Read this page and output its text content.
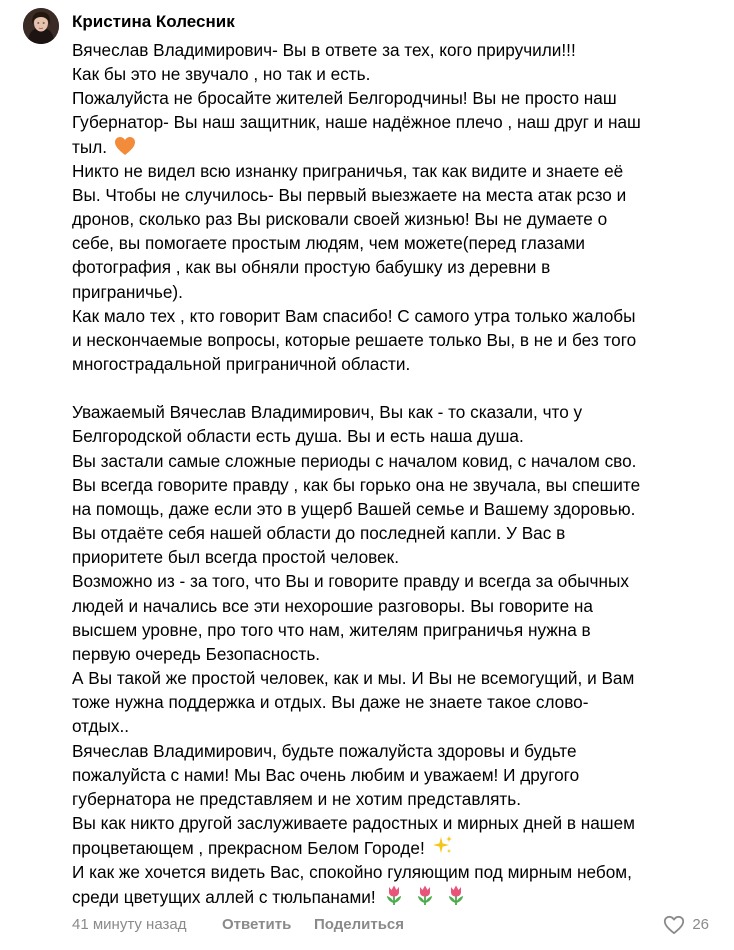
Кристина Колесник

Вячеслав Владимирович- Вы в ответе за тех, кого приручили!!!

Как бы это не звучало , но так и есть.

Пожалуйста не бросайте жителей Белгородчины! Вы не просто наш

Губернатор- Вы наш защитник, наше надёжное плечо , наш друг и наш

тыл.

Никто не видел всю изнанку приграничья, так как видите и знаете её

Вы. Чтобы не случилось- Вы первый выезжаете на места атак рсзо и

дронов, сколько раз Вы рисковали своей жизнью! Вы не думаете о

себе, вы помогаете простым людям, чем можете(перед глазами

фотография , как вы обняли простую бабушку из деревни в

приграничье).

Как мало тех , кто говорит Вам спасибо! С самого утра только жалобы

и нескончаемые вопросы, которые решаете только Вы, в не и без того

многострадальной приграничной области.

Уважаемый Вячеслав Владимирович, Вы как - то сказали, что у

Белгородской области есть душа. Вы и есть наша душа.

Вы застали самые сложные периоды с началом ковид, с началом сво.

Вы всегда говорите правду , как бы горько она не звучала, вы спешите

на помощь, даже если это в ущерб Вашей семье и Вашему здоровью.

Вы отдаёте себя нашей области до последней капли. У Вас в

приоритете был всегда простой человек.

Возможно из - за того, что Вы и говорите правду и всегда за обычных

людей и начались все эти нехорошие разговоры. Вы говорите на

высшем уровне, про того что нам, жителям приграничья нужна в

первую очередь Безопасность.

А Вы такой же простой человек, как и мы. И Вы не всемогущий, и Вам

тоже нужна поддержка и отдых. Вы даже не знаете такое слово-

отдых..

Вячеслав Владимирович, будьте пожалуйста здоровы и будьте

пожалуйста с нами! Мы Вас очень любим и уважаем! И другого

губернатора не представляем и не хотим представлять.

Вы как никто другой заслуживаете радостных и мирных дней в нашем

процветающем , прекрасном Белом Городе!

И как же хочется видеть Вас, спокойно гуляющим под мирным небом,

среди цветущих аллей с тюльпанами!

41 минуту назад Ответить Поделиться	26
